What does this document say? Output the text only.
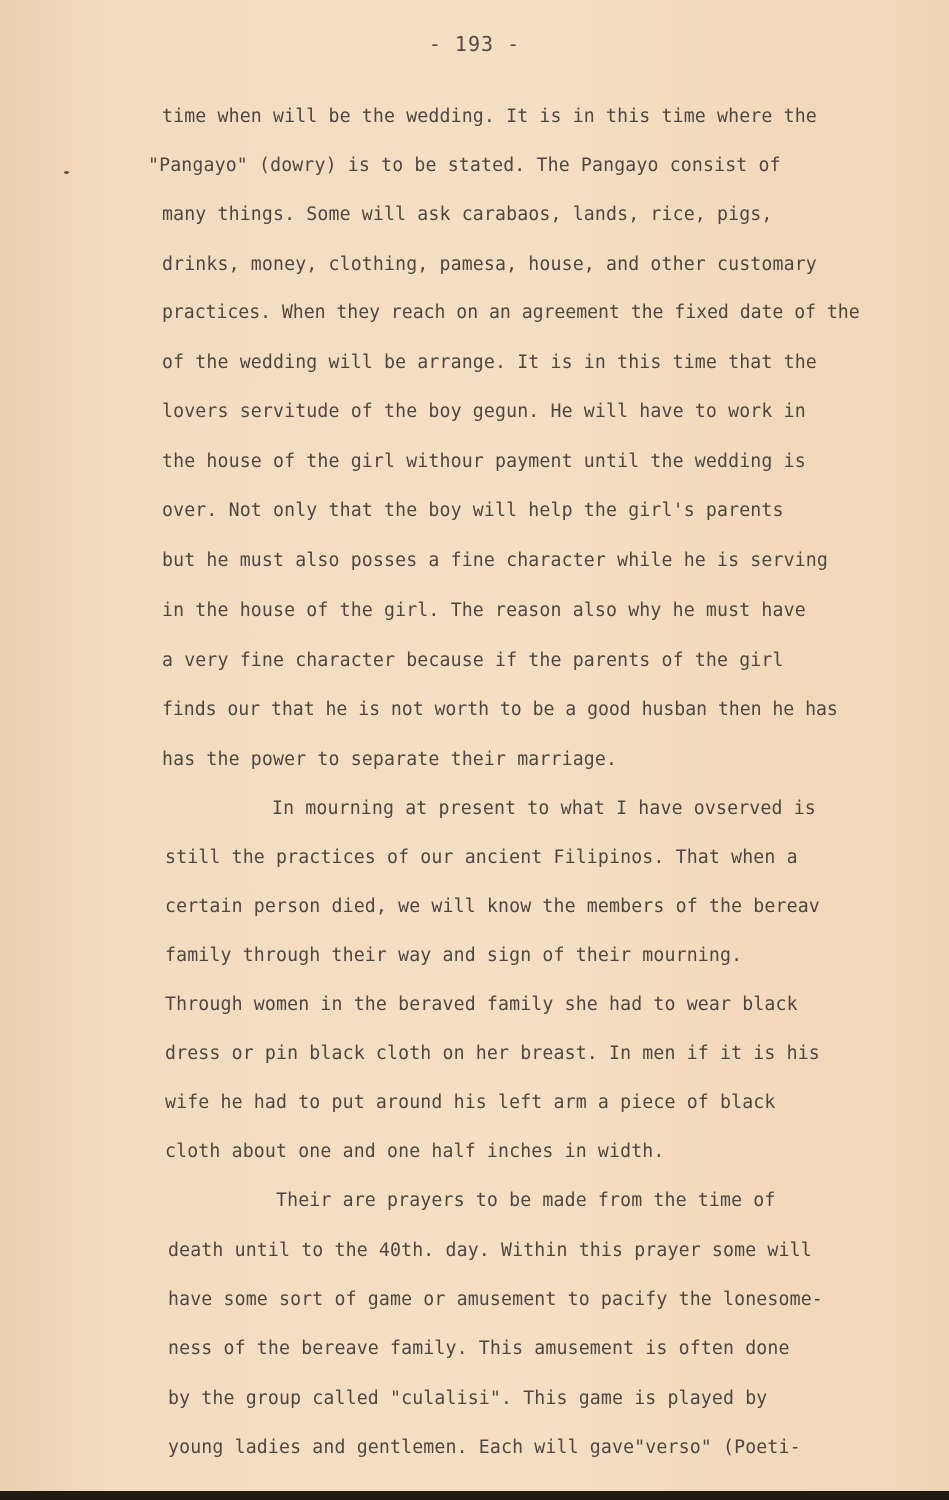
- 193 -
time when will be the wedding. It is in this time where the
"Pangayo" (dowry) is to be stated. The Pangayo consist of
many things. Some will ask carabaos, lands, rice, pigs,
drinks, money, clothing, pamesa, house, and other customary
practices. When they reach on an agreement the fixed date of the
of the wedding will be arrange. It is in this time that the
lovers servitude of the boy gegun. He will have to work in
the house of the girl withour payment until the wedding is
over. Not only that the boy will help the girl's parents
but he must also posses a fine character while he is serving
in the house of the girl. The reason also why he must have
a very fine character because if the parents of the girl
finds our that he is not worth to be a good husban then he has
has the power to separate their marriage.
In mourning at present to what I have ovserved is
still the practices of our ancient Filipinos. That when a
certain person died, we will know the members of the bereav
family through their way and sign of their mourning.
Through women in the beraved family she had to wear black
dress or pin black cloth on her breast. In men if it is his
wife he had to put around his left arm a piece of black
cloth about one and one half inches in width.
Their are prayers to be made from the time of
death until to the 40th. day. Within this prayer some will
have some sort of game or amusement to pacify the lonesome-
ness of the bereave family. This amusement is often done
by the group called "culalisi". This game is played by
young ladies and gentlemen. Each will gave"verso" (Poeti-
